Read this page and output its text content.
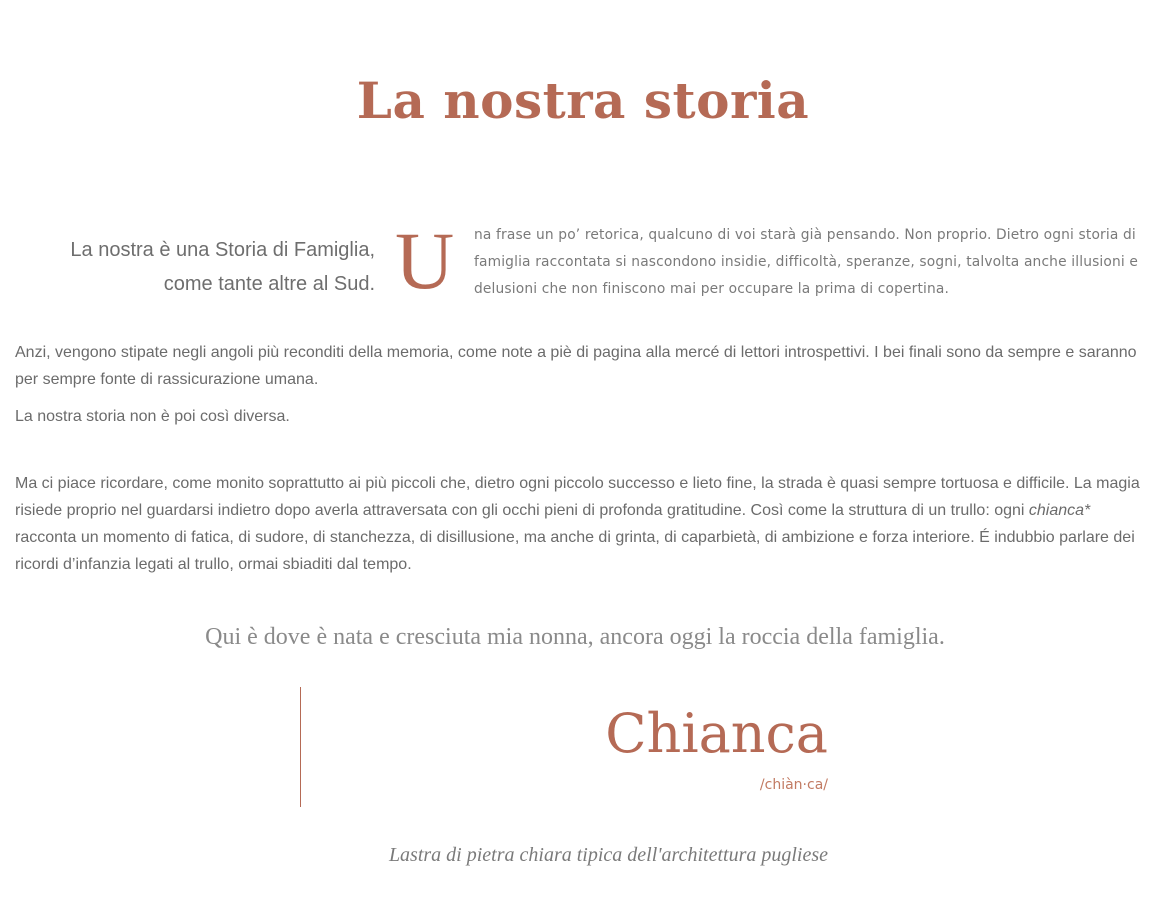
La nostra storia
La nostra è una Storia di Famiglia, come tante altre al Sud. U na frase un po’ retorica, qualcuno di voi starà già pensando. Non proprio. Dietro ogni storia di famiglia raccontata si nascondono insidie, difficoltà, speranze, sogni, talvolta anche illusioni e delusioni che non finiscono mai per occupare la prima di copertina.

Anzi, vengono stipate negli angoli più reconditi della memoria, come note a piè di pagina alla mercé di lettori introspettivi. I bei finali sono da sempre e saranno per sempre fonte di rassicurazione umana.

La nostra storia non è poi così diversa.

Ma ci piace ricordare, come monito soprattutto ai più piccoli che, dietro ogni piccolo successo e lieto fine, la strada è quasi sempre tortuosa e difficile. La magia risiede proprio nel guardarsi indietro dopo averla attraversata con gli occhi pieni di profonda gratitudine. Così come la struttura di un trullo: ogni chianca* racconta un momento di fatica, di sudore, di stanchezza, di disillusione, ma anche di grinta, di caparbietà, di ambizione e forza interiore. É indubbio parlare dei ricordi d’infanzia legati al trullo, ormai sbiaditi dal tempo.

Qui è dove è nata e cresciuta mia nonna, ancora oggi la roccia della famiglia.
Chianca
/chiàn·ca/
Lastra di pietra chiara tipica dell'architettura pugliese
